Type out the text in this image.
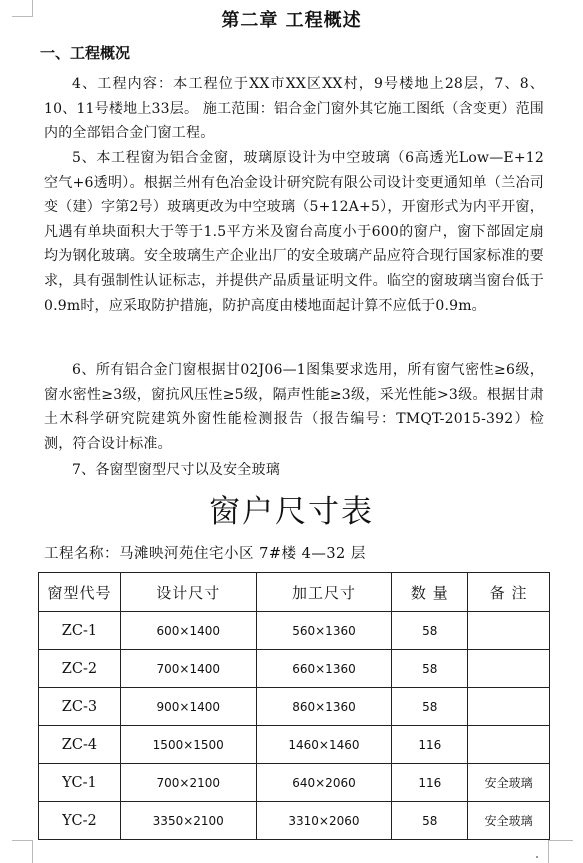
第二章 工程概述
一、工程概况
4、工程内容：本工程位于XX市XX区XX村，9号楼地上28层，7、8、10、11号楼地上33层。 施工范围：铝合金门窗外其它施工图纸（含变更）范围内的全部铝合金门窗工程。
5、本工程窗为铝合金窗，玻璃原设计为中空玻璃（6高透光Low—E+12空气+6透明）。根据兰州有色冶金设计研究院有限公司设计变更通知单（兰冶司变（建）字第2号）玻璃更改为中空玻璃（5+12A+5），开窗形式为内平开窗，凡遇有单块面积大于等于1.5平方米及窗台高度小于600的窗户，窗下部固定扇均为钢化玻璃。安全玻璃生产企业出厂的安全玻璃产品应符合现行国家标准的要求，具有强制性认证标志，并提供产品质量证明文件。临空的窗玻璃当窗台低于0.9m时，应采取防护措施，防护高度由楼地面起计算不应低于0.9m。
6、所有铝合金门窗根据甘02J06—1图集要求选用，所有窗气密性≥6级，窗水密性≥3级，窗抗风压性≥5级，隔声性能≥3级，采光性能>3级。根据甘肃土木科学研究院建筑外窗性能检测报告（报告编号：TMQT-2015-392）检测，符合设计标准。
7、各窗型窗型尺寸以及安全玻璃
窗户尺寸表
工程名称：马滩映河苑住宅小区 7#楼 4—32 层
窗型代号	设计尺寸	加工尺寸	数 量	备 注
ZC-1	600×1400	560×1360	58	
ZC-2	700×1400	660×1360	58	
ZC-3	900×1400	860×1360	58	
ZC-4	1500×1500	1460×1460	116	
YC-1	700×2100	640×2060	116	安全玻璃
YC-2	3350×2100	3310×2060	58	安全玻璃
